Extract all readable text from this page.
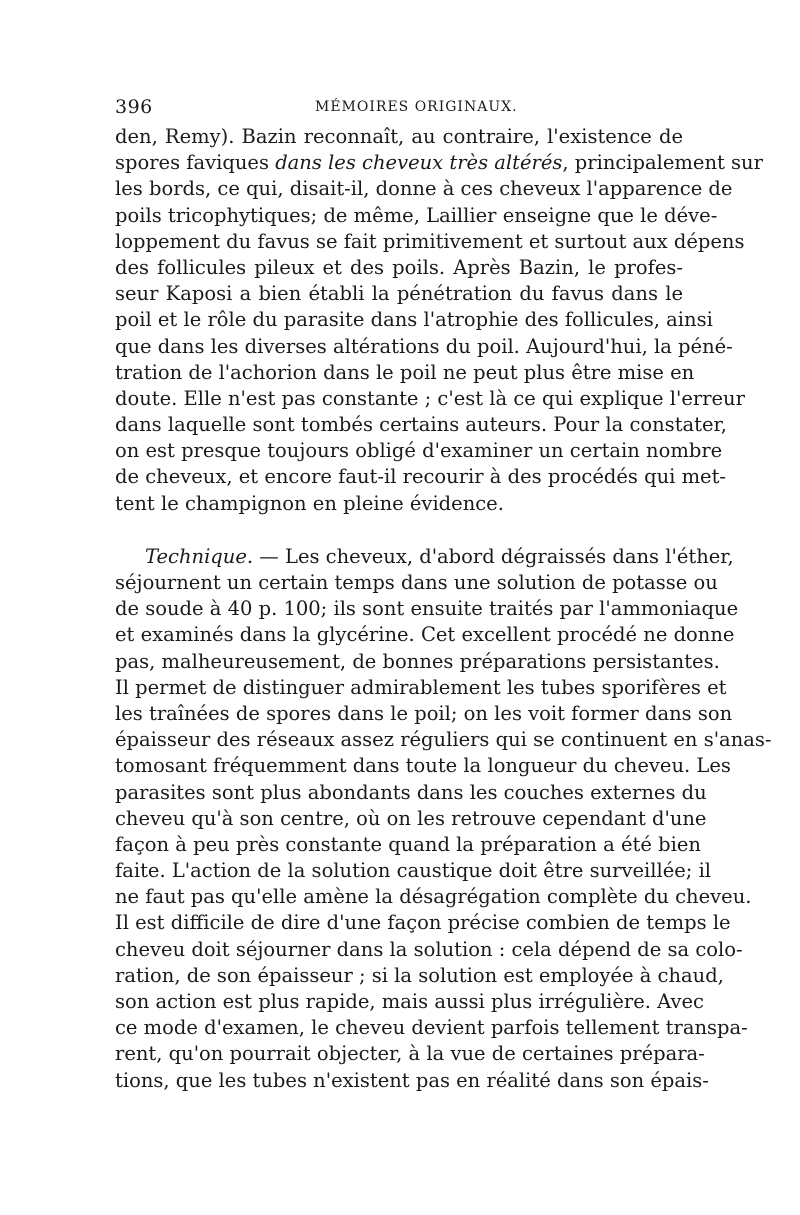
396	MÉMOIRES ORIGINAUX.
den, Remy). Bazin reconnaît, au contraire, l'existence de
spores faviques dans les cheveux très altérés, principalement sur
les bords, ce qui, disait-il, donne à ces cheveux l'apparence de
poils tricophytiques; de même, Laillier enseigne que le déve-
loppement du favus se fait primitivement et surtout aux dépens
des follicules pileux et des poils. Après Bazin, le profes-
seur Kaposi a bien établi la pénétration du favus dans le
poil et le rôle du parasite dans l'atrophie des follicules, ainsi
que dans les diverses altérations du poil. Aujourd'hui, la péné-
tration de l'achorion dans le poil ne peut plus être mise en
doute. Elle n'est pas constante ; c'est là ce qui explique l'erreur
dans laquelle sont tombés certains auteurs. Pour la constater,
on est presque toujours obligé d'examiner un certain nombre
de cheveux, et encore faut-il recourir à des procédés qui met-
tent le champignon en pleine évidence.
Technique. — Les cheveux, d'abord dégraissés dans l'éther,
séjournent un certain temps dans une solution de potasse ou
de soude à 40 p. 100; ils sont ensuite traités par l'ammoniaque
et examinés dans la glycérine. Cet excellent procédé ne donne
pas, malheureusement, de bonnes préparations persistantes.
Il permet de distinguer admirablement les tubes sporifères et
les traînées de spores dans le poil; on les voit former dans son
épaisseur des réseaux assez réguliers qui se continuent en s'anas-
tomosant fréquemment dans toute la longueur du cheveu. Les
parasites sont plus abondants dans les couches externes du
cheveu qu'à son centre, où on les retrouve cependant d'une
façon à peu près constante quand la préparation a été bien
faite. L'action de la solution caustique doit être surveillée; il
ne faut pas qu'elle amène la désagrégation complète du cheveu.
Il est difficile de dire d'une façon précise combien de temps le
cheveu doit séjourner dans la solution : cela dépend de sa colo-
ration, de son épaisseur ; si la solution est employée à chaud,
son action est plus rapide, mais aussi plus irrégulière. Avec
ce mode d'examen, le cheveu devient parfois tellement transpa-
rent, qu'on pourrait objecter, à la vue de certaines prépara-
tions, que les tubes n'existent pas en réalité dans son épais-
